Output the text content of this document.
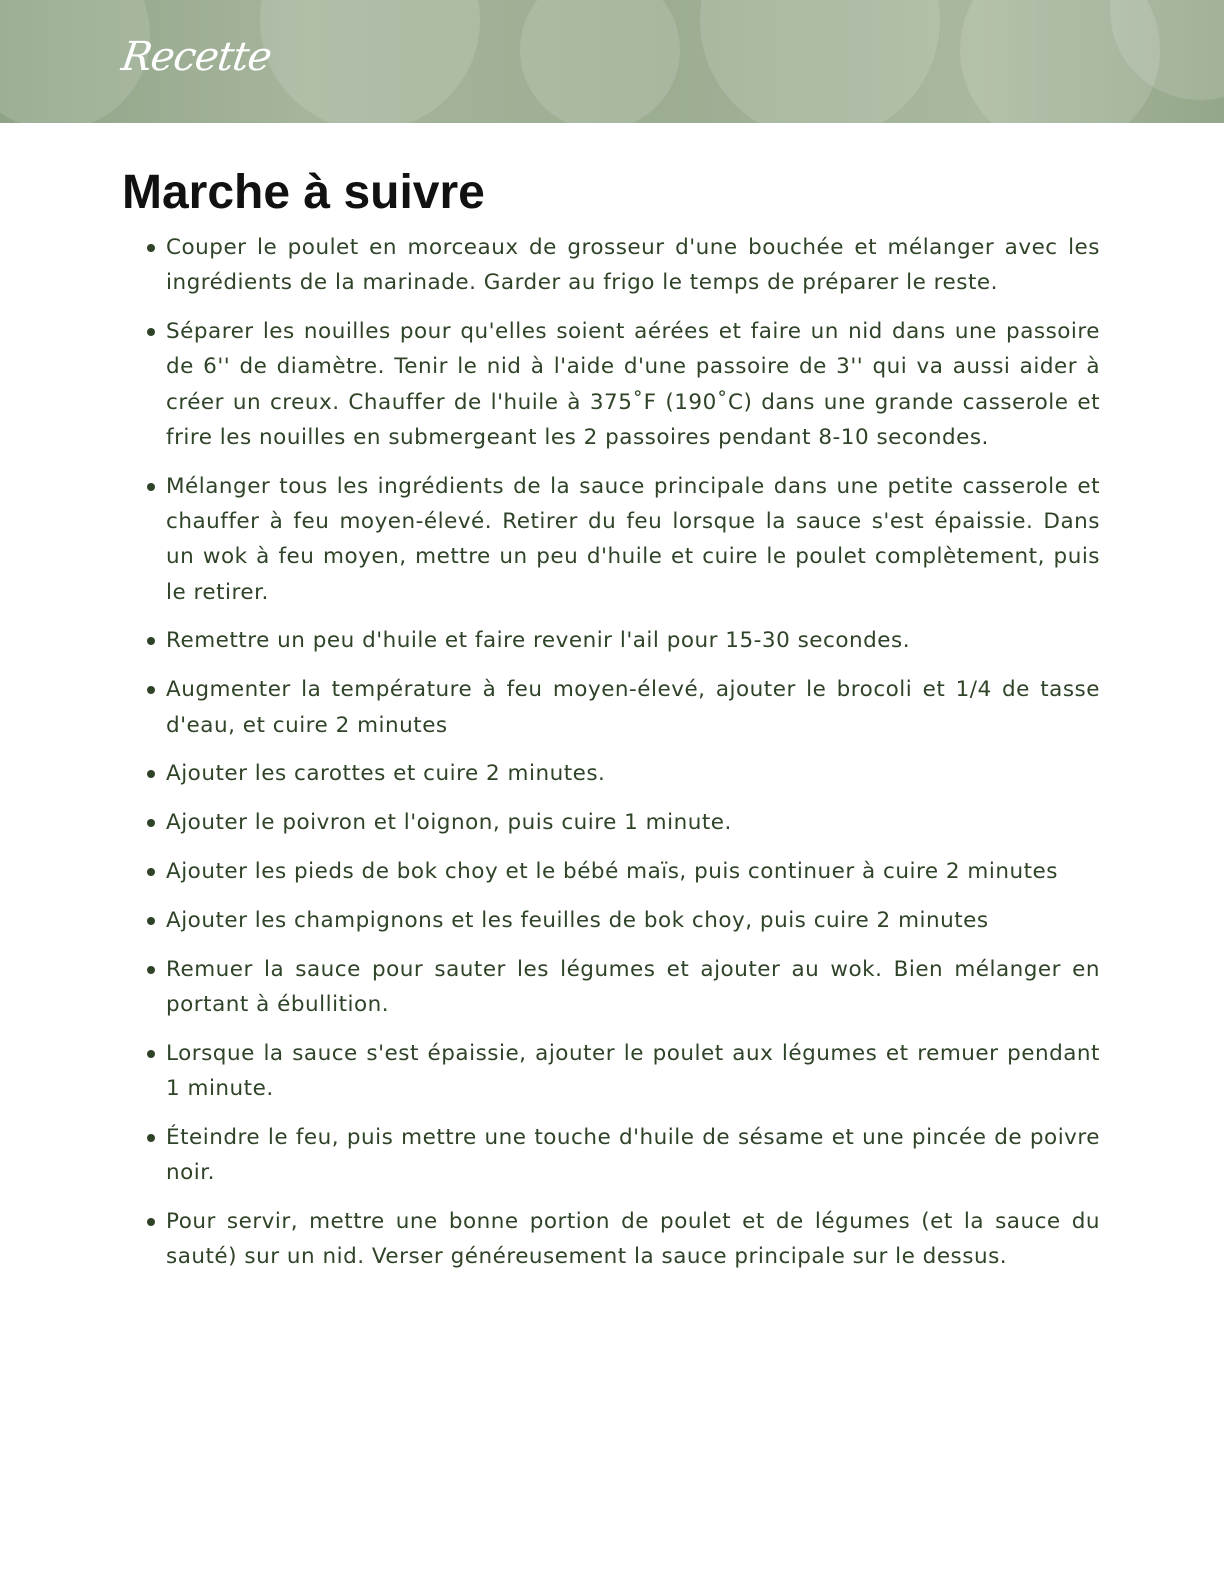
Recette
Marche à suivre
Couper le poulet en morceaux de grosseur d'une bouchée et mélanger avec les ingrédients de la marinade. Garder au frigo le temps de préparer le reste.
Séparer les nouilles pour qu'elles soient aérées et faire un nid dans une passoire de 6'' de diamètre. Tenir le nid à l'aide d'une passoire de 3'' qui va aussi aider à créer un creux. Chauffer de l'huile à 375˚F (190˚C) dans une grande casserole et frire les nouilles en submergeant les 2 passoires pendant 8-10 secondes.
Mélanger tous les ingrédients de la sauce principale dans une petite casserole et chauffer à feu moyen-élevé. Retirer du feu lorsque la sauce s'est épaissie. Dans un wok à feu moyen, mettre un peu d'huile et cuire le poulet complètement, puis le retirer.
Remettre un peu d'huile et faire revenir l'ail pour 15-30 secondes.
Augmenter la température à feu moyen-élevé, ajouter le brocoli et 1/4 de tasse d'eau, et cuire 2 minutes
Ajouter les carottes et cuire 2 minutes.
Ajouter le poivron et l'oignon, puis cuire 1 minute.
Ajouter les pieds de bok choy et le bébé maïs, puis continuer à cuire 2 minutes
Ajouter les champignons et les feuilles de bok choy, puis cuire 2 minutes
Remuer la sauce pour sauter les légumes et ajouter au wok. Bien mélanger en portant à ébullition.
Lorsque la sauce s'est épaissie, ajouter le poulet aux légumes et remuer pendant 1 minute.
Éteindre le feu, puis mettre une touche d'huile de sésame et une pincée de poivre noir.
Pour servir, mettre une bonne portion de poulet et de légumes (et la sauce du sauté) sur un nid. Verser généreusement la sauce principale sur le dessus.
